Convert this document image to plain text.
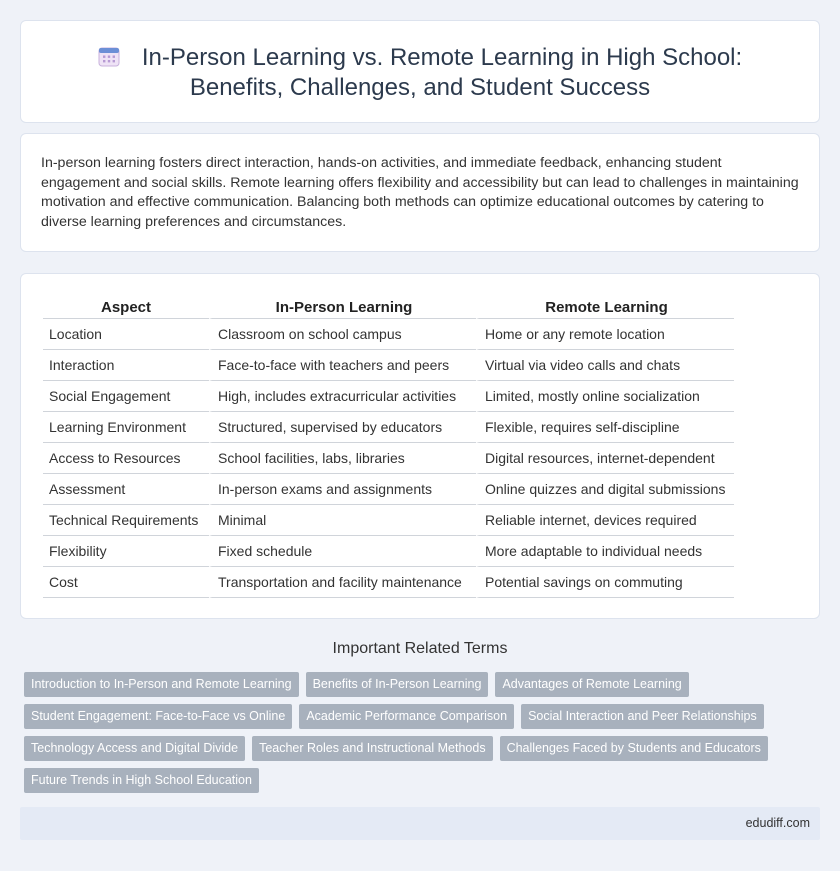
In-Person Learning vs. Remote Learning in High School: Benefits, Challenges, and Student Success

In-person learning fosters direct interaction, hands-on activities, and immediate feedback, enhancing student engagement and social skills. Remote learning offers flexibility and accessibility but can lead to challenges in maintaining motivation and effective communication. Balancing both methods can optimize educational outcomes by catering to diverse learning preferences and circumstances.

Aspect	In-Person Learning	Remote Learning
Location	Classroom on school campus	Home or any remote location
Interaction	Face-to-face with teachers and peers	Virtual via video calls and chats
Social Engagement	High, includes extracurricular activities	Limited, mostly online socialization
Learning Environment	Structured, supervised by educators	Flexible, requires self-discipline
Access to Resources	School facilities, labs, libraries	Digital resources, internet-dependent
Assessment	In-person exams and assignments	Online quizzes and digital submissions
Technical Requirements	Minimal	Reliable internet, devices required
Flexibility	Fixed schedule	More adaptable to individual needs
Cost	Transportation and facility maintenance	Potential savings on commuting
Important Related Terms
Introduction to In-Person and Remote Learning	Benefits of In-Person Learning	Advantages of Remote Learning
Student Engagement: Face-to-Face vs Online	Academic Performance Comparison	Social Interaction and Peer Relationships
Technology Access and Digital Divide	Teacher Roles and Instructional Methods	Challenges Faced by Students and Educators
Future Trends in High School Education
edudiff.com
